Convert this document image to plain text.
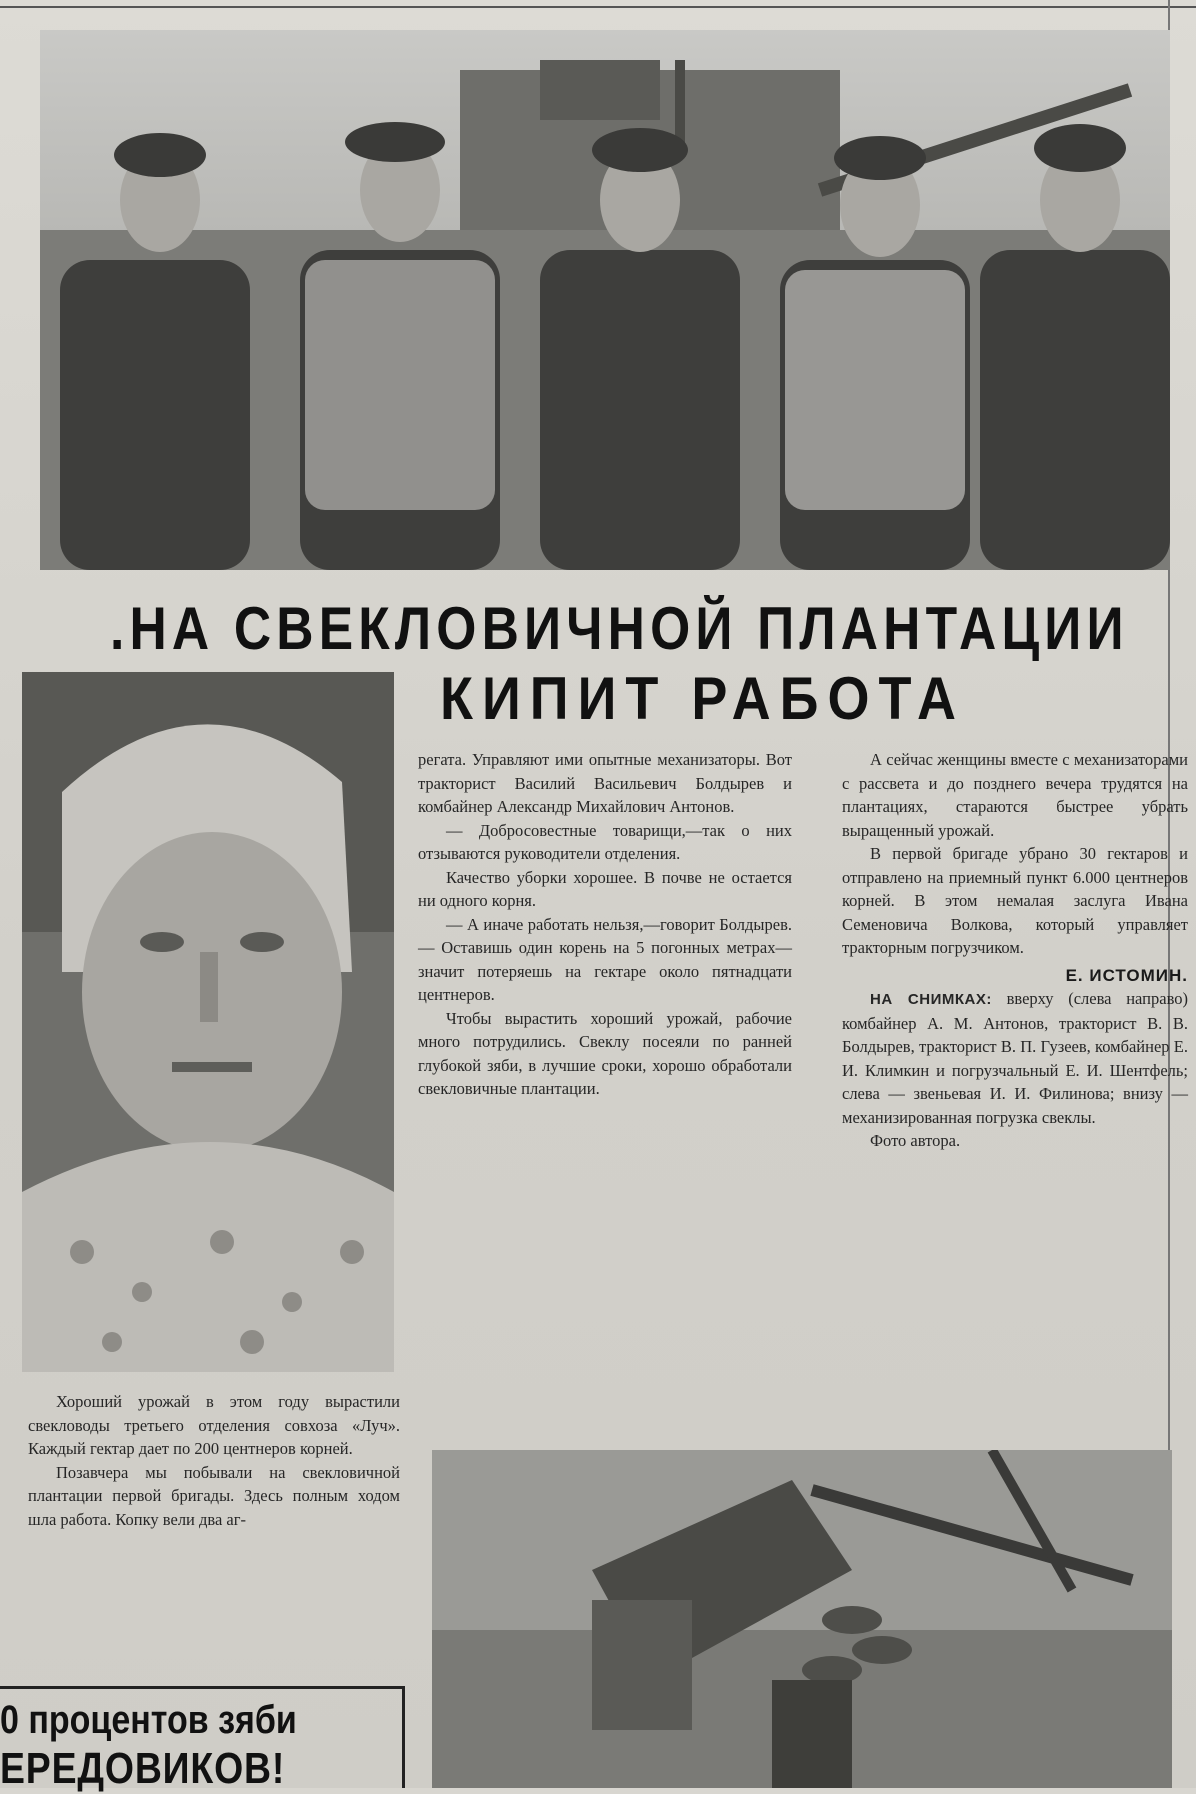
.НА СВЕКЛОВИЧНОЙ ПЛАНТАЦИИ
КИПИТ РАБОТА

регата. Управляют ими опытные механизаторы. Вот тракторист Василий Васильевич Болдырев и комбайнер Александр Михайлович Антонов.

— Добросовестные товарищи,—так о них отзываются руководители отделения.

Качество уборки хорошее. В почве не остается ни одного корня.

— А иначе работать нельзя,—говорит Болдырев. — Оставишь один корень на 5 погонных метрах—значит потеряешь на гектаре около пятнадцати центнеров.

Чтобы вырастить хороший урожай, рабочие много потрудились. Свеклу посеяли по ранней глубокой зяби, в лучшие сроки, хорошо обработали свекловичные плантации.

А сейчас женщины вместе с механизаторами с рассвета и до позднего вечера трудятся на плантациях, стараются быстрее убрать выращенный урожай.

В первой бригаде убрано 30 гектаров и отправлено на приемный пункт 6.000 центнеров корней. В этом немалая заслуга Ивана Семеновича Волкова, который управляет тракторным погрузчиком.

Е. ИСТОМИН.

НА СНИМКАХ: вверху (слева направо) комбайнер А. М. Антонов, тракторист В. В. Болдырев, тракторист В. П. Гузеев, комбайнер Е. И. Климкин и погрузчальный Е. И. Шентфель; слева — звеньевая И. И. Филинова; внизу — механизированная погрузка свеклы.

Фото автора.

Хороший урожай в этом году вырастили свекловоды третьего отделения совхоза «Луч». Каждый гектар дает по 200 центнеров корней.

Позавчера мы побывали на свекловичной плантации первой бригады. Здесь полным ходом шла работа. Копку вели два аг-

0 процентов зяби
ЕРЕДОВИКОВ!
